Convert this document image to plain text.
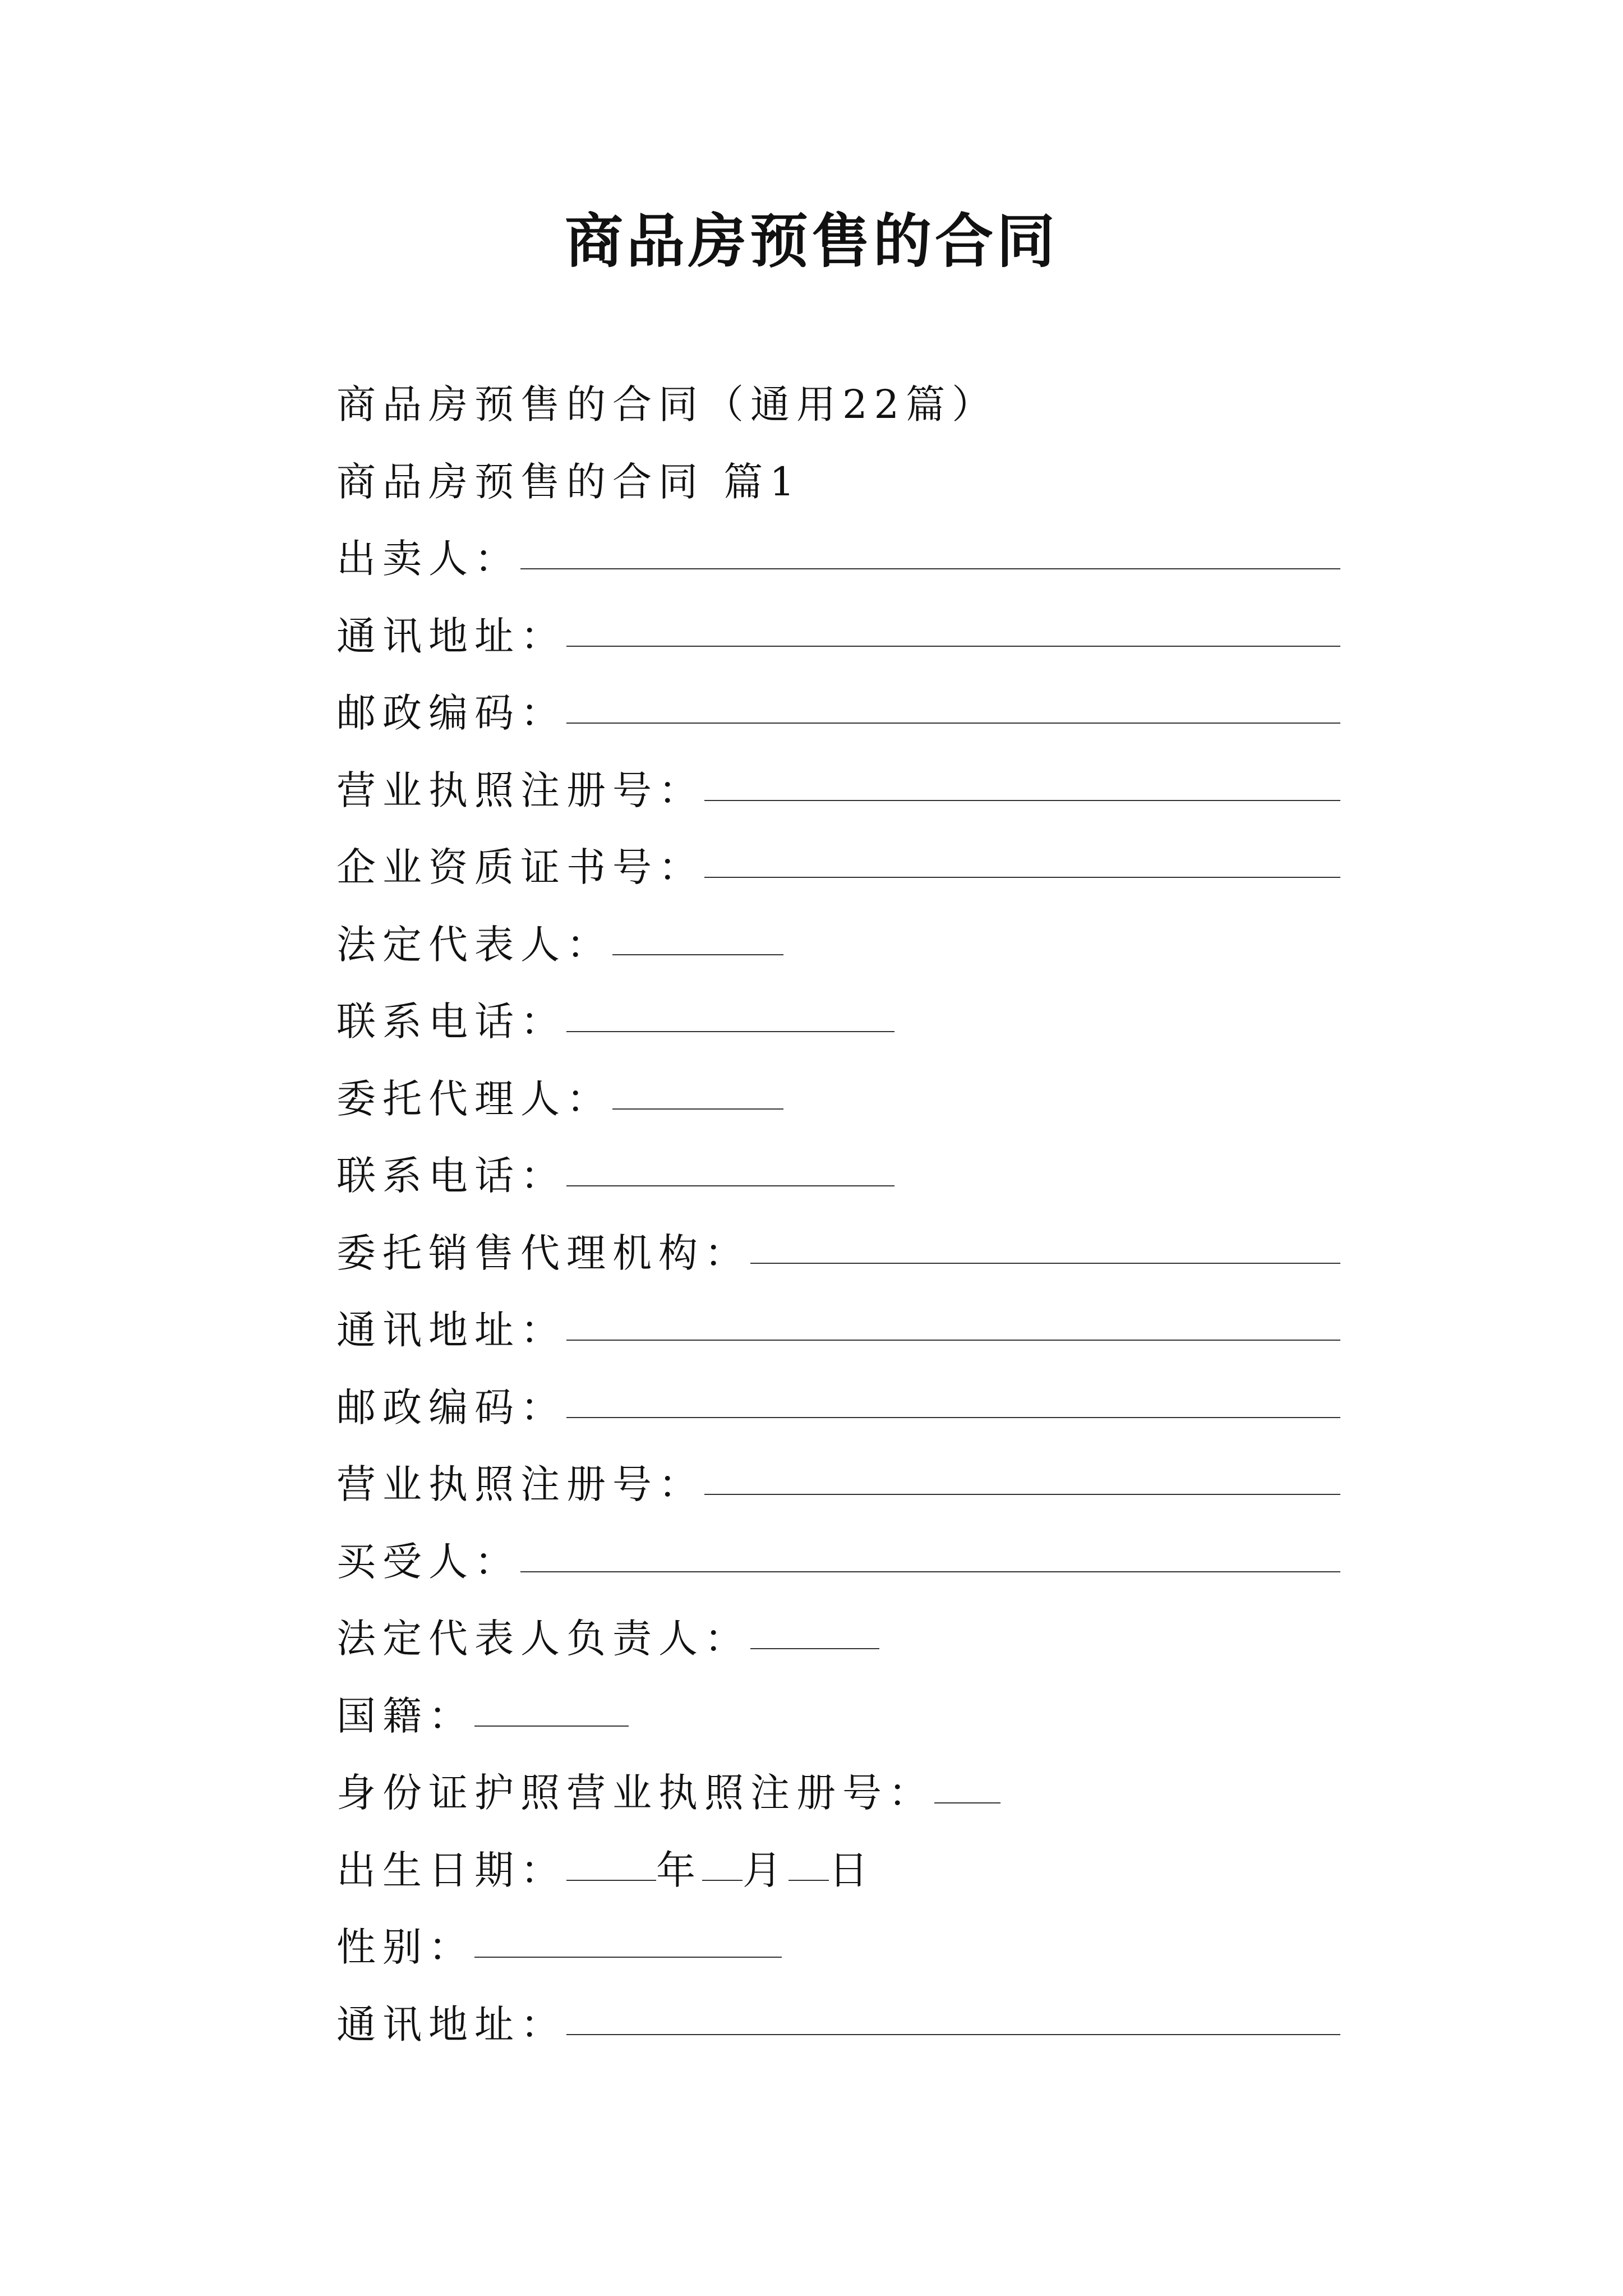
商品房预售的合同
商品房预售的合同（通用22篇）
商品房预售的合同 篇1
出卖人：
通讯地址：
邮政编码：
营业执照注册号：
企业资质证书号：
法定代表人：
联系电话：
委托代理人：
联系电话：
委托销售代理机构：
通讯地址：
邮政编码：
营业执照注册号：
买受人：
法定代表人负责人：
国籍：
身份证护照营业执照注册号：
出生日期： 年 月 日
性别：
通讯地址：
